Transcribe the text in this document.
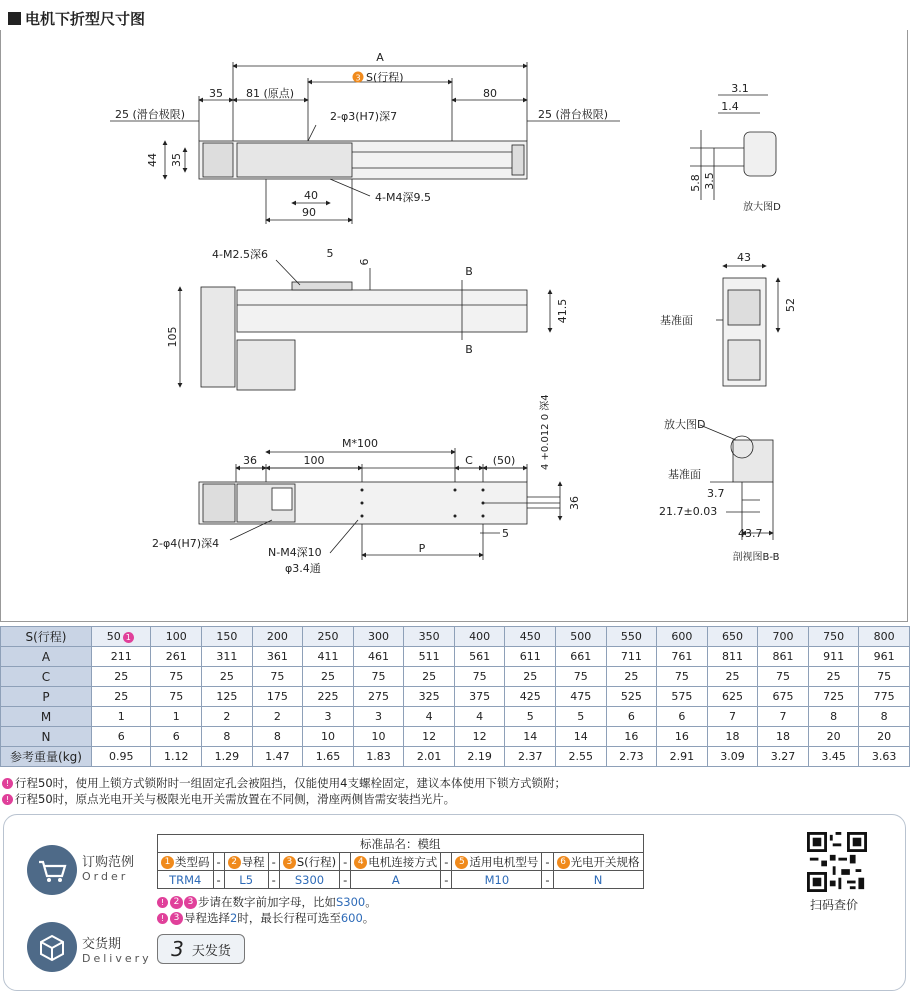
电机下折型尺寸图
A
3 S(行程)
35 81 (原点)	80
25 (滑台极限)	25 (滑台极限)
2-φ3(H7)深7
44 35
40
90
4-M4深9.5
3.1
1.4
5.8 3.5
放大图D
4-M2.5深6	5
6
B
B
105
41.5
43
52
基准面
M*100
36	100	C (50) 4 +0.012 0 深4
36
2-φ4(H7)深4
N-M4深10
φ3.4通
P
5
放大图D
基准面
3.7
21.7±0.03
43.7
剖视图B-B
S(行程)	50 1	100	150	200	250	300	350	400	450	500	550	600	650	700	750	800
A	211	261	311	361	411	461	511	561	611	661	711	761	811	861	911	961
C	25	75	25	75	25	75	25	75	25	75	25	75	25	75	25	75
P	25	75	125	175	225	275	325	375	425	475	525	575	625	675	725	775
M	1	1	2	2	3	3	4	4	5	5	6	6	7	7	8	8
N	6	6	8	8	10	10	12	12	14	14	16	16	18	18	20	20
参考重量(kg)	0.95	1.12	1.29	1.47	1.65	1.83	2.01	2.19	2.37	2.55	2.73	2.91	3.09	3.27	3.45	3.63
! 行程50时，使用上锁方式锁附时一组固定孔会被阻挡，仅能使用4支螺栓固定，建议本体使用下锁方式锁附；
! 行程50时，原点光电开关与极限光电开关需放置在不同侧，滑座两侧皆需安装挡光片。
订购范例
Order
标准品名：模组										
1 类型码	-	2 导程	-	3 S(行程)	-	4 电机连接方式	-	5 适用电机型号	-	6 光电开关规格
TRM4	-	L5	-	S300	-	A	-	M10	-	N
! 2 3 步请在数字前加字母，比如S300。
! 3 导程选择2时，最长行程可选至600。
交货期
Delivery 3 天发货
扫码查价
